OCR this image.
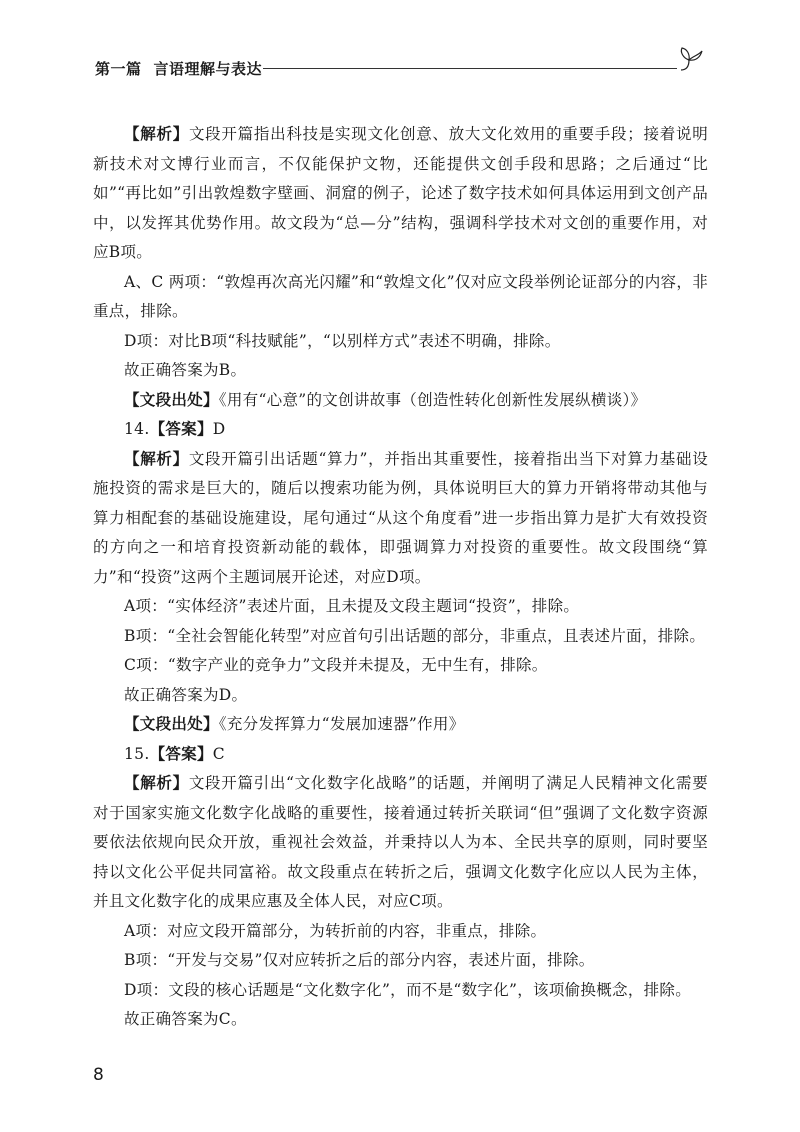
第一篇 言语理解与表达

【解析】文段开篇指出科技是实现文化创意、放大文化效用的重要手段；接着说明新技术对文博行业而言，不仅能保护文物，还能提供文创手段和思路；之后通过“比如”“再比如”引出敦煌数字壁画、洞窟的例子，论述了数字技术如何具体运用到文创产品中，以发挥其优势作用。故文段为“总—分”结构，强调科学技术对文创的重要作用，对应B项。

A、C 两项：“敦煌再次高光闪耀”和“敦煌文化”仅对应文段举例论证部分的内容，非重点，排除。

D项：对比B项“科技赋能”，“以别样方式”表述不明确，排除。

故正确答案为B。

【文段出处】《用有“心意”的文创讲故事（创造性转化创新性发展纵横谈）》

14.【答案】D

【解析】文段开篇引出话题“算力”，并指出其重要性，接着指出当下对算力基础设施投资的需求是巨大的，随后以搜索功能为例，具体说明巨大的算力开销将带动其他与算力相配套的基础设施建设，尾句通过“从这个角度看”进一步指出算力是扩大有效投资的方向之一和培育投资新动能的载体，即强调算力对投资的重要性。故文段围绕“算力”和“投资”这两个主题词展开论述，对应D项。

A项：“实体经济”表述片面，且未提及文段主题词“投资”，排除。

B项：“全社会智能化转型”对应首句引出话题的部分，非重点，且表述片面，排除。

C项：“数字产业的竞争力”文段并未提及，无中生有，排除。

故正确答案为D。

【文段出处】《充分发挥算力“发展加速器”作用》

15.【答案】C

【解析】文段开篇引出“文化数字化战略”的话题，并阐明了满足人民精神文化需要对于国家实施文化数字化战略的重要性，接着通过转折关联词“但”强调了文化数字资源要依法依规向民众开放，重视社会效益，并秉持以人为本、全民共享的原则，同时要坚持以文化公平促共同富裕。故文段重点在转折之后，强调文化数字化应以人民为主体，并且文化数字化的成果应惠及全体人民，对应C项。

A项：对应文段开篇部分，为转折前的内容，非重点，排除。

B项：“开发与交易”仅对应转折之后的部分内容，表述片面，排除。

D项：文段的核心话题是“文化数字化”，而不是“数字化”，该项偷换概念，排除。

故正确答案为C。

8
